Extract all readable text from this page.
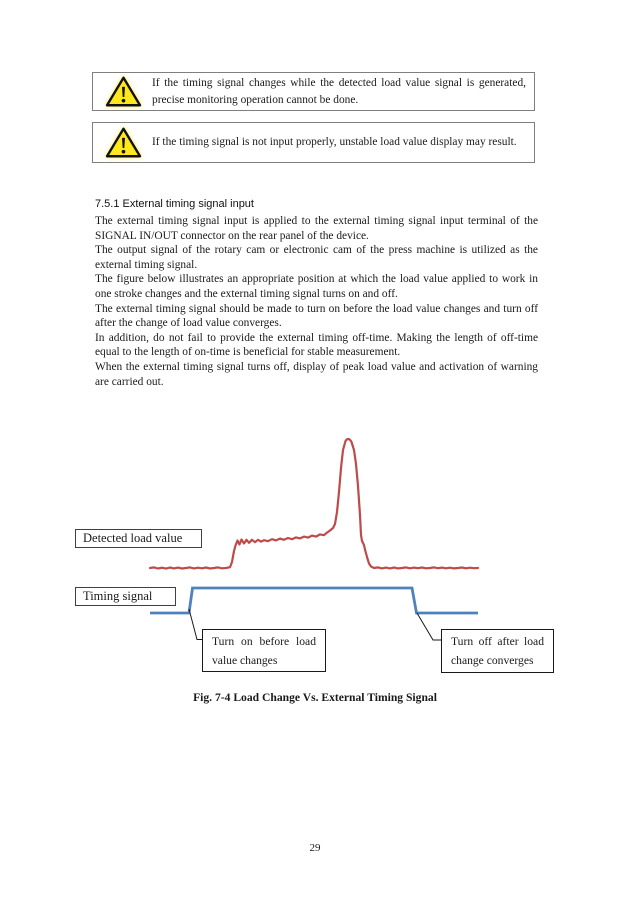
If the timing signal changes while the detected load value signal is generated, precise monitoring operation cannot be done.

If the timing signal is not input properly, unstable load value display may result.

7.5.1 External timing signal input

The external timing signal input is applied to the external timing signal input terminal of the SIGNAL IN/OUT connector on the rear panel of the device.

The output signal of the rotary cam or electronic cam of the press machine is utilized as the external timing signal.

The figure below illustrates an appropriate position at which the load value applied to work in one stroke changes and the external timing signal turns on and off.

The external timing signal should be made to turn on before the load value changes and turn off after the change of load value converges.

In addition, do not fail to provide the external timing off-time. Making the length of off-time equal to the length of on-time is beneficial for stable measurement.

When the external timing signal turns off, display of peak load value and activation of warning are carried out.

Detected load value
Timing signal
Turn on before load value changes
Turn off after load change converges

Fig. 7-4 Load Change Vs. External Timing Signal

29
